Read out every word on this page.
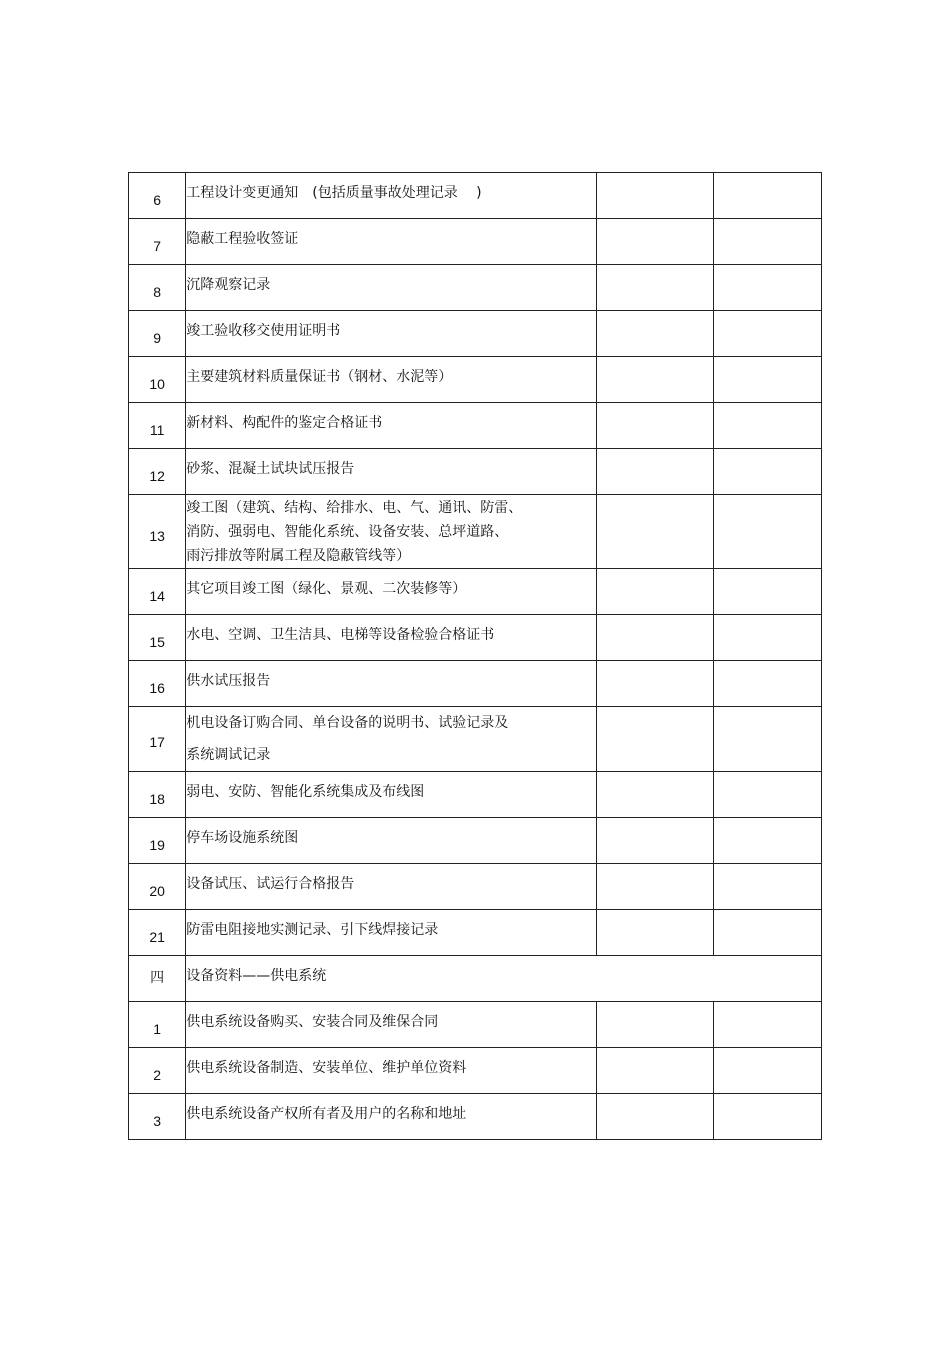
6	工程设计变更通知　(包括质量事故处理记录　 )		

7	隐蔽工程验收签证		

8	沉降观察记录		

9	竣工验收移交使用证明书		

10	主要建筑材料质量保证书（钢材、水泥等）		

11	新材料、构配件的鉴定合格证书		

12	砂浆、混凝土试块试压报告		

13	竣工图（建筑、结构、给排水、电、气、通讯、防雷、
消防、强弱电、智能化系统、设备安装、总坪道路、
雨污排放等附属工程及隐蔽管线等）		

14	其它项目竣工图（绿化、景观、二次装修等）		

15	水电、空调、卫生洁具、电梯等设备检验合格证书		

16	供水试压报告		

17	机电设备订购合同、单台设备的说明书、试验记录及
系统调试记录		

18	弱电、安防、智能化系统集成及布线图		

19	停车场设施系统图		

20	设备试压、试运行合格报告		

21	防雷电阻接地实测记录、引下线焊接记录		

四	设备资料——供电系统		

1	供电系统设备购买、安装合同及维保合同		

2	供电系统设备制造、安装单位、维护单位资料		

3	供电系统设备产权所有者及用户的名称和地址		
